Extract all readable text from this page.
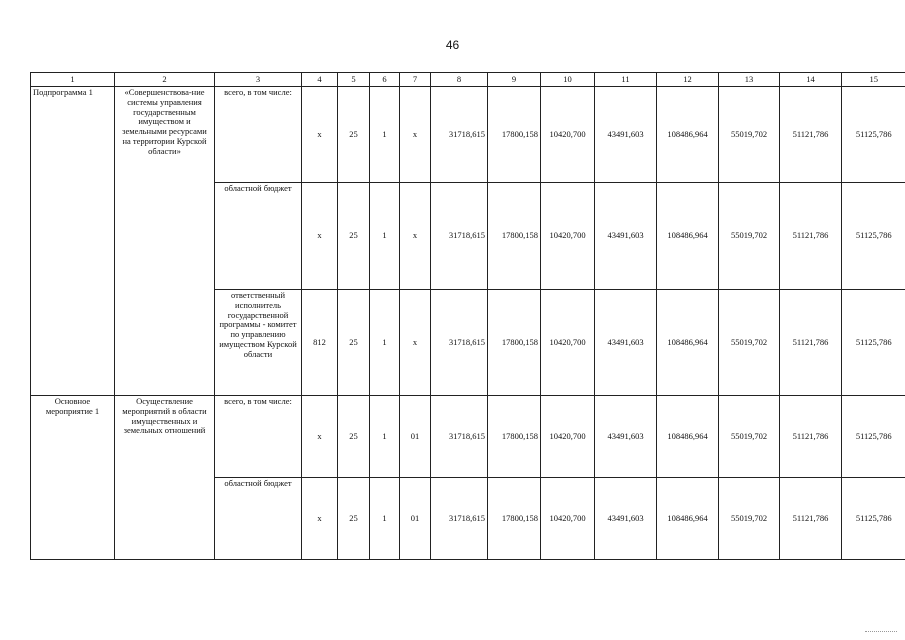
46
1	2	3	4	5	6	7	8	9	10	11	12	13	14	15
Подпрограмма 1	«Совершенствова-ние системы управления государственным имуществом и земельными ресурсами на территории Курской области»	всего, в том числе:	х	25	1	х	31718,615	17800,158	10420,700	43491,603	108486,964	55019,702	51121,786	51125,786
		областной бюджет	х	25	1	х	31718,615	17800,158	10420,700	43491,603	108486,964	55019,702	51121,786	51125,786
		ответственный исполнитель государственной программы - комитет по управлению имуществом Курской области	812	25	1	х	31718,615	17800,158	10420,700	43491,603	108486,964	55019,702	51121,786	51125,786
Основное мероприятие 1	Осуществление мероприятий в области имущественных и земельных отношений	всего, в том числе:	х	25	1	01	31718,615	17800,158	10420,700	43491,603	108486,964	55019,702	51121,786	51125,786
		областной бюджет	х	25	1	01	31718,615	17800,158	10420,700	43491,603	108486,964	55019,702	51121,786	51125,786
